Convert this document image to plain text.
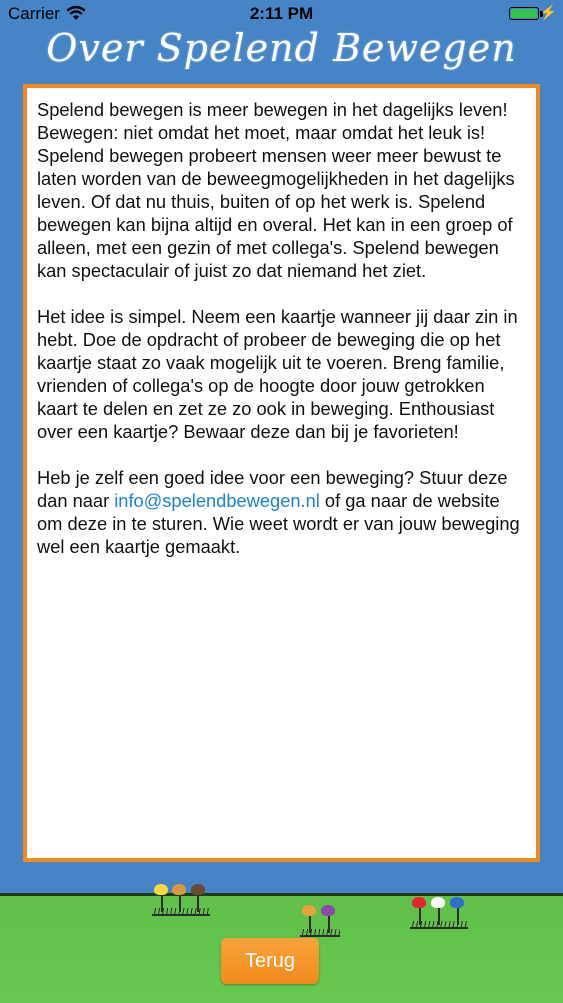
Carrier	2:11 PM	⚡
Over Spelend Bewegen

Spelend bewegen is meer bewegen in het dagelijks leven! Bewegen: niet omdat het moet, maar omdat het leuk is! Spelend bewegen probeert mensen weer meer bewust te laten worden van de beweegmogelijkheden in het dagelijks leven. Of dat nu thuis, buiten of op het werk is. Spelend bewegen kan bijna altijd en overal. Het kan in een groep of alleen, met een gezin of met collega's. Spelend bewegen kan spectaculair of juist zo dat niemand het ziet.

Het idee is simpel. Neem een kaartje wanneer jij daar zin in hebt. Doe de opdracht of probeer de beweging die op het kaartje staat zo vaak mogelijk uit te voeren. Breng familie, vrienden of collega's op de hoogte door jouw getrokken kaart te delen en zet ze zo ook in beweging. Enthousiast over een kaartje? Bewaar deze dan bij je favorieten!

Heb je zelf een goed idee voor een beweging? Stuur deze dan naar info@spelendbewegen.nl of ga naar de website om deze in te sturen. Wie weet wordt er van jouw beweging wel een kaartje gemaakt.

Terug
